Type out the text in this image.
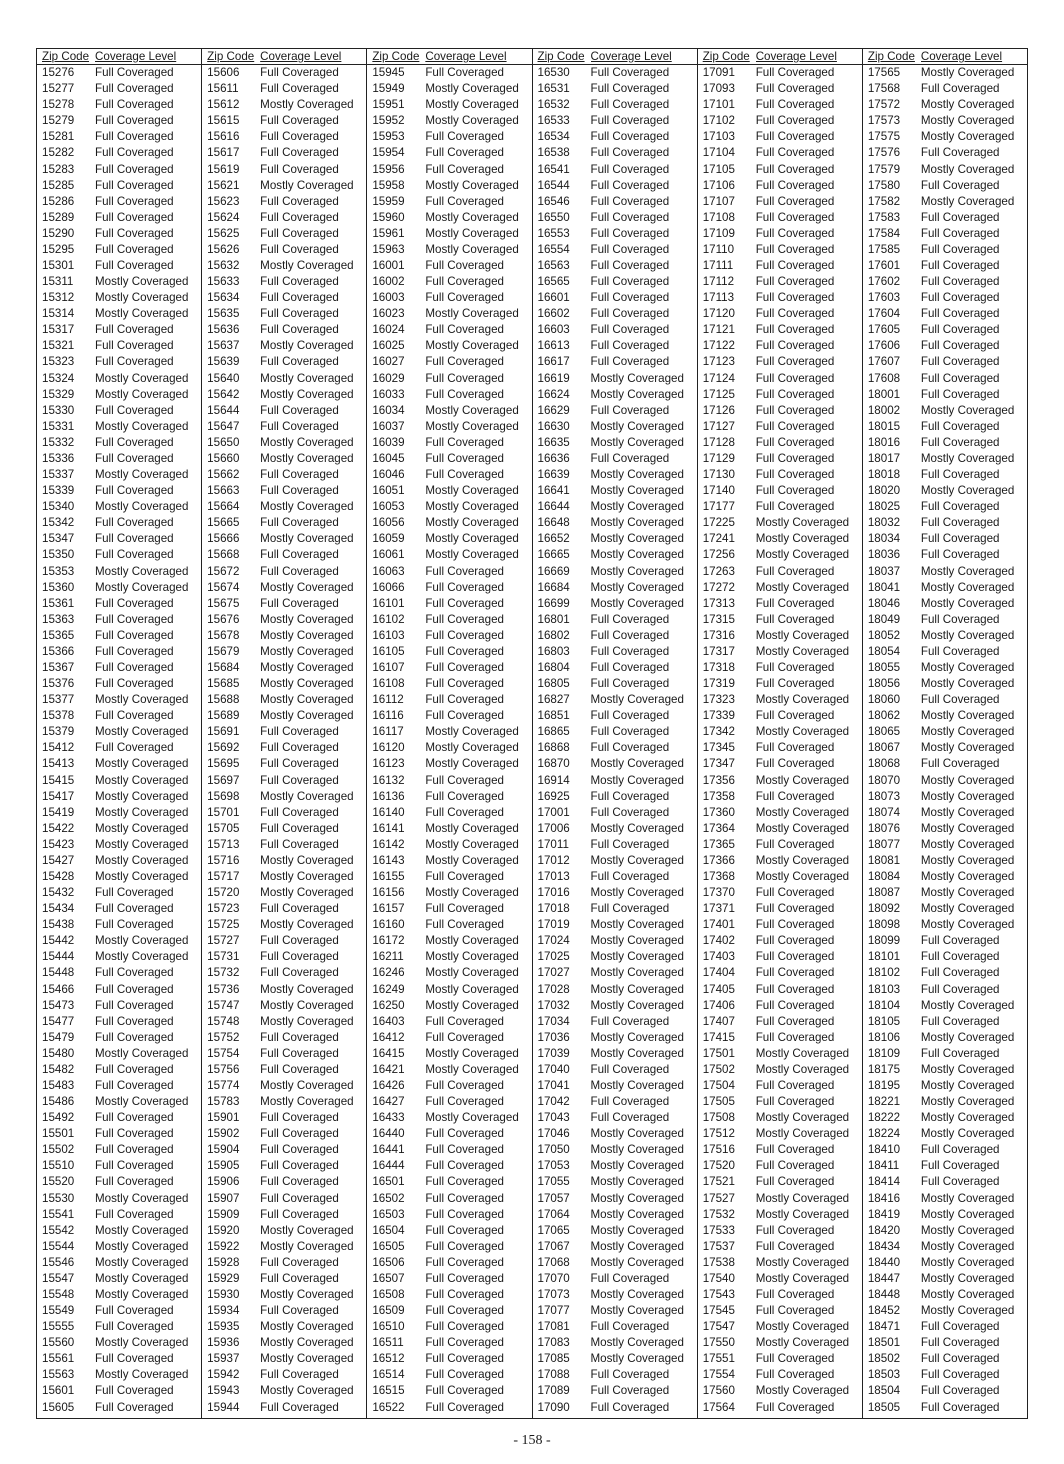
Zip Code Coverage Level
15276	Full Coveraged
15277	Full Coveraged
15278	Full Coveraged
15279	Full Coveraged
15281	Full Coveraged
15282	Full Coveraged
15283	Full Coveraged
15285	Full Coveraged
15286	Full Coveraged
15289	Full Coveraged
15290	Full Coveraged
15295	Full Coveraged
15301	Full Coveraged
15311	Mostly Coveraged
15312	Mostly Coveraged
15314	Mostly Coveraged
15317	Full Coveraged
15321	Full Coveraged
15323	Full Coveraged
15324	Mostly Coveraged
15329	Mostly Coveraged
15330	Full Coveraged
15331	Mostly Coveraged
15332	Full Coveraged
15336	Full Coveraged
15337	Mostly Coveraged
15339	Full Coveraged
15340	Mostly Coveraged
15342	Full Coveraged
15347	Full Coveraged
15350	Full Coveraged
15353	Mostly Coveraged
15360	Mostly Coveraged
15361	Full Coveraged
15363	Full Coveraged
15365	Full Coveraged
15366	Full Coveraged
15367	Full Coveraged
15376	Full Coveraged
15377	Mostly Coveraged
15378	Full Coveraged
15379	Mostly Coveraged
15412	Full Coveraged
15413	Mostly Coveraged
15415	Mostly Coveraged
15417	Mostly Coveraged
15419	Mostly Coveraged
15422	Mostly Coveraged
15423	Mostly Coveraged
15427	Mostly Coveraged
15428	Mostly Coveraged
15432	Full Coveraged
15434	Full Coveraged
15438	Full Coveraged
15442	Mostly Coveraged
15444	Mostly Coveraged
15448	Full Coveraged
15466	Full Coveraged
15473	Full Coveraged
15477	Full Coveraged
15479	Full Coveraged
15480	Mostly Coveraged
15482	Full Coveraged
15483	Full Coveraged
15486	Mostly Coveraged
15492	Full Coveraged
15501	Full Coveraged
15502	Full Coveraged
15510	Full Coveraged
15520	Full Coveraged
15530	Mostly Coveraged
15541	Full Coveraged
15542	Mostly Coveraged
15544	Mostly Coveraged
15546	Mostly Coveraged
15547	Mostly Coveraged
15548	Mostly Coveraged
15549	Full Coveraged
15555	Full Coveraged
15560	Mostly Coveraged
15561	Full Coveraged
15563	Mostly Coveraged
15601	Full Coveraged
15605	Full Coveraged
Zip Code Coverage Level
15606	Full Coveraged
15611	Full Coveraged
15612	Mostly Coveraged
15615	Full Coveraged
15616	Full Coveraged
15617	Full Coveraged
15619	Full Coveraged
15621	Mostly Coveraged
15623	Full Coveraged
15624	Full Coveraged
15625	Full Coveraged
15626	Full Coveraged
15632	Mostly Coveraged
15633	Full Coveraged
15634	Full Coveraged
15635	Full Coveraged
15636	Full Coveraged
15637	Mostly Coveraged
15639	Full Coveraged
15640	Mostly Coveraged
15642	Mostly Coveraged
15644	Full Coveraged
15647	Full Coveraged
15650	Mostly Coveraged
15660	Mostly Coveraged
15662	Full Coveraged
15663	Full Coveraged
15664	Mostly Coveraged
15665	Full Coveraged
15666	Mostly Coveraged
15668	Full Coveraged
15672	Full Coveraged
15674	Mostly Coveraged
15675	Full Coveraged
15676	Mostly Coveraged
15678	Mostly Coveraged
15679	Mostly Coveraged
15684	Mostly Coveraged
15685	Mostly Coveraged
15688	Mostly Coveraged
15689	Mostly Coveraged
15691	Full Coveraged
15692	Full Coveraged
15695	Full Coveraged
15697	Full Coveraged
15698	Mostly Coveraged
15701	Full Coveraged
15705	Full Coveraged
15713	Full Coveraged
15716	Mostly Coveraged
15717	Mostly Coveraged
15720	Mostly Coveraged
15723	Full Coveraged
15725	Mostly Coveraged
15727	Full Coveraged
15731	Full Coveraged
15732	Full Coveraged
15736	Mostly Coveraged
15747	Mostly Coveraged
15748	Mostly Coveraged
15752	Full Coveraged
15754	Full Coveraged
15756	Full Coveraged
15774	Mostly Coveraged
15783	Mostly Coveraged
15901	Full Coveraged
15902	Full Coveraged
15904	Full Coveraged
15905	Full Coveraged
15906	Full Coveraged
15907	Full Coveraged
15909	Full Coveraged
15920	Mostly Coveraged
15922	Mostly Coveraged
15928	Full Coveraged
15929	Full Coveraged
15930	Mostly Coveraged
15934	Full Coveraged
15935	Mostly Coveraged
15936	Mostly Coveraged
15937	Mostly Coveraged
15942	Full Coveraged
15943	Mostly Coveraged
15944	Full Coveraged
Zip Code Coverage Level
15945	Full Coveraged
15949	Mostly Coveraged
15951	Mostly Coveraged
15952	Mostly Coveraged
15953	Full Coveraged
15954	Full Coveraged
15956	Full Coveraged
15958	Mostly Coveraged
15959	Full Coveraged
15960	Mostly Coveraged
15961	Mostly Coveraged
15963	Mostly Coveraged
16001	Full Coveraged
16002	Full Coveraged
16003	Full Coveraged
16023	Mostly Coveraged
16024	Full Coveraged
16025	Mostly Coveraged
16027	Full Coveraged
16029	Full Coveraged
16033	Full Coveraged
16034	Mostly Coveraged
16037	Mostly Coveraged
16039	Full Coveraged
16045	Full Coveraged
16046	Full Coveraged
16051	Mostly Coveraged
16053	Mostly Coveraged
16056	Mostly Coveraged
16059	Mostly Coveraged
16061	Mostly Coveraged
16063	Full Coveraged
16066	Full Coveraged
16101	Full Coveraged
16102	Full Coveraged
16103	Full Coveraged
16105	Full Coveraged
16107	Full Coveraged
16108	Full Coveraged
16112	Full Coveraged
16116	Full Coveraged
16117	Mostly Coveraged
16120	Mostly Coveraged
16123	Mostly Coveraged
16132	Full Coveraged
16136	Full Coveraged
16140	Full Coveraged
16141	Mostly Coveraged
16142	Mostly Coveraged
16143	Mostly Coveraged
16155	Full Coveraged
16156	Mostly Coveraged
16157	Full Coveraged
16160	Full Coveraged
16172	Mostly Coveraged
16211	Mostly Coveraged
16246	Mostly Coveraged
16249	Mostly Coveraged
16250	Mostly Coveraged
16403	Full Coveraged
16412	Full Coveraged
16415	Mostly Coveraged
16421	Mostly Coveraged
16426	Full Coveraged
16427	Full Coveraged
16433	Mostly Coveraged
16440	Full Coveraged
16441	Full Coveraged
16444	Full Coveraged
16501	Full Coveraged
16502	Full Coveraged
16503	Full Coveraged
16504	Full Coveraged
16505	Full Coveraged
16506	Full Coveraged
16507	Full Coveraged
16508	Full Coveraged
16509	Full Coveraged
16510	Full Coveraged
16511	Full Coveraged
16512	Full Coveraged
16514	Full Coveraged
16515	Full Coveraged
16522	Full Coveraged
Zip Code Coverage Level
16530	Full Coveraged
16531	Full Coveraged
16532	Full Coveraged
16533	Full Coveraged
16534	Full Coveraged
16538	Full Coveraged
16541	Full Coveraged
16544	Full Coveraged
16546	Full Coveraged
16550	Full Coveraged
16553	Full Coveraged
16554	Full Coveraged
16563	Full Coveraged
16565	Full Coveraged
16601	Full Coveraged
16602	Full Coveraged
16603	Full Coveraged
16613	Full Coveraged
16617	Full Coveraged
16619	Mostly Coveraged
16624	Mostly Coveraged
16629	Full Coveraged
16630	Mostly Coveraged
16635	Mostly Coveraged
16636	Full Coveraged
16639	Mostly Coveraged
16641	Mostly Coveraged
16644	Mostly Coveraged
16648	Mostly Coveraged
16652	Mostly Coveraged
16665	Mostly Coveraged
16669	Mostly Coveraged
16684	Mostly Coveraged
16699	Mostly Coveraged
16801	Full Coveraged
16802	Full Coveraged
16803	Full Coveraged
16804	Full Coveraged
16805	Full Coveraged
16827	Mostly Coveraged
16851	Full Coveraged
16865	Full Coveraged
16868	Full Coveraged
16870	Mostly Coveraged
16914	Mostly Coveraged
16925	Full Coveraged
17001	Full Coveraged
17006	Mostly Coveraged
17011	Full Coveraged
17012	Mostly Coveraged
17013	Full Coveraged
17016	Mostly Coveraged
17018	Full Coveraged
17019	Mostly Coveraged
17024	Mostly Coveraged
17025	Mostly Coveraged
17027	Mostly Coveraged
17028	Mostly Coveraged
17032	Mostly Coveraged
17034	Full Coveraged
17036	Mostly Coveraged
17039	Mostly Coveraged
17040	Full Coveraged
17041	Mostly Coveraged
17042	Full Coveraged
17043	Full Coveraged
17046	Mostly Coveraged
17050	Mostly Coveraged
17053	Mostly Coveraged
17055	Mostly Coveraged
17057	Mostly Coveraged
17064	Mostly Coveraged
17065	Mostly Coveraged
17067	Mostly Coveraged
17068	Mostly Coveraged
17070	Full Coveraged
17073	Mostly Coveraged
17077	Mostly Coveraged
17081	Full Coveraged
17083	Mostly Coveraged
17085	Mostly Coveraged
17088	Full Coveraged
17089	Full Coveraged
17090	Full Coveraged
Zip Code Coverage Level
17091	Full Coveraged
17093	Full Coveraged
17101	Full Coveraged
17102	Full Coveraged
17103	Full Coveraged
17104	Full Coveraged
17105	Full Coveraged
17106	Full Coveraged
17107	Full Coveraged
17108	Full Coveraged
17109	Full Coveraged
17110	Full Coveraged
17111	Full Coveraged
17112	Full Coveraged
17113	Full Coveraged
17120	Full Coveraged
17121	Full Coveraged
17122	Full Coveraged
17123	Full Coveraged
17124	Full Coveraged
17125	Full Coveraged
17126	Full Coveraged
17127	Full Coveraged
17128	Full Coveraged
17129	Full Coveraged
17130	Full Coveraged
17140	Full Coveraged
17177	Full Coveraged
17225	Mostly Coveraged
17241	Mostly Coveraged
17256	Mostly Coveraged
17263	Full Coveraged
17272	Mostly Coveraged
17313	Full Coveraged
17315	Full Coveraged
17316	Mostly Coveraged
17317	Mostly Coveraged
17318	Full Coveraged
17319	Full Coveraged
17323	Mostly Coveraged
17339	Full Coveraged
17342	Mostly Coveraged
17345	Full Coveraged
17347	Full Coveraged
17356	Mostly Coveraged
17358	Full Coveraged
17360	Mostly Coveraged
17364	Mostly Coveraged
17365	Full Coveraged
17366	Mostly Coveraged
17368	Mostly Coveraged
17370	Full Coveraged
17371	Full Coveraged
17401	Full Coveraged
17402	Full Coveraged
17403	Full Coveraged
17404	Full Coveraged
17405	Full Coveraged
17406	Full Coveraged
17407	Full Coveraged
17415	Full Coveraged
17501	Mostly Coveraged
17502	Mostly Coveraged
17504	Full Coveraged
17505	Full Coveraged
17508	Mostly Coveraged
17512	Mostly Coveraged
17516	Full Coveraged
17520	Full Coveraged
17521	Full Coveraged
17527	Mostly Coveraged
17532	Mostly Coveraged
17533	Full Coveraged
17537	Full Coveraged
17538	Mostly Coveraged
17540	Mostly Coveraged
17543	Full Coveraged
17545	Full Coveraged
17547	Mostly Coveraged
17550	Mostly Coveraged
17551	Full Coveraged
17554	Full Coveraged
17560	Mostly Coveraged
17564	Full Coveraged
Zip Code Coverage Level
17565	Mostly Coveraged
17568	Full Coveraged
17572	Mostly Coveraged
17573	Mostly Coveraged
17575	Mostly Coveraged
17576	Full Coveraged
17579	Mostly Coveraged
17580	Full Coveraged
17582	Mostly Coveraged
17583	Full Coveraged
17584	Full Coveraged
17585	Full Coveraged
17601	Full Coveraged
17602	Full Coveraged
17603	Full Coveraged
17604	Full Coveraged
17605	Full Coveraged
17606	Full Coveraged
17607	Full Coveraged
17608	Full Coveraged
18001	Full Coveraged
18002	Mostly Coveraged
18015	Full Coveraged
18016	Full Coveraged
18017	Mostly Coveraged
18018	Full Coveraged
18020	Mostly Coveraged
18025	Full Coveraged
18032	Full Coveraged
18034	Full Coveraged
18036	Full Coveraged
18037	Mostly Coveraged
18041	Mostly Coveraged
18046	Mostly Coveraged
18049	Full Coveraged
18052	Mostly Coveraged
18054	Full Coveraged
18055	Mostly Coveraged
18056	Mostly Coveraged
18060	Full Coveraged
18062	Mostly Coveraged
18065	Mostly Coveraged
18067	Mostly Coveraged
18068	Full Coveraged
18070	Mostly Coveraged
18073	Mostly Coveraged
18074	Mostly Coveraged
18076	Mostly Coveraged
18077	Mostly Coveraged
18081	Mostly Coveraged
18084	Mostly Coveraged
18087	Mostly Coveraged
18092	Mostly Coveraged
18098	Mostly Coveraged
18099	Full Coveraged
18101	Full Coveraged
18102	Full Coveraged
18103	Full Coveraged
18104	Mostly Coveraged
18105	Full Coveraged
18106	Mostly Coveraged
18109	Full Coveraged
18175	Mostly Coveraged
18195	Mostly Coveraged
18221	Mostly Coveraged
18222	Mostly Coveraged
18224	Mostly Coveraged
18410	Full Coveraged
18411	Full Coveraged
18414	Full Coveraged
18416	Mostly Coveraged
18419	Mostly Coveraged
18420	Mostly Coveraged
18434	Mostly Coveraged
18440	Mostly Coveraged
18447	Mostly Coveraged
18448	Mostly Coveraged
18452	Mostly Coveraged
18471	Full Coveraged
18501	Full Coveraged
18502	Full Coveraged
18503	Full Coveraged
18504	Full Coveraged
18505	Full Coveraged
- 158 -
